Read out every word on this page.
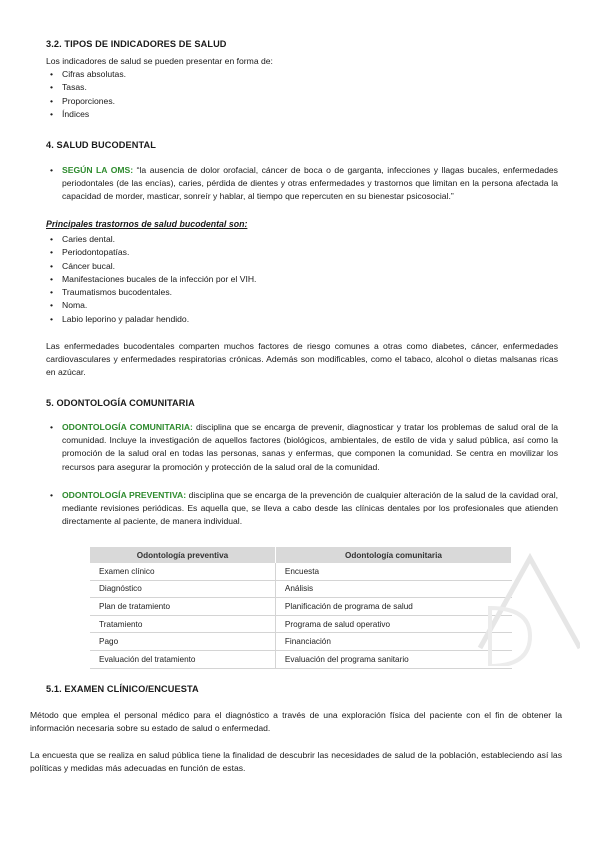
3.2. TIPOS DE INDICADORES DE SALUD
Los indicadores de salud se pueden presentar en forma de:
• Cifras absolutas.
• Tasas.
• Proporciones.
• Índices
4. SALUD BUCODENTAL
• SEGÚN LA OMS: “la ausencia de dolor orofacial, cáncer de boca o de garganta, infecciones y llagas bucales, enfermedades periodontales (de las encías), caries, pérdida de dientes y otras enfermedades y trastornos que limitan en la persona afectada la capacidad de morder, masticar, sonreír y hablar, al tiempo que repercuten en su bienestar psicosocial.”
Principales trastornos de salud bucodental son:
• Caries dental.
• Periodontopatías.
• Cáncer bucal.
• Manifestaciones bucales de la infección por el VIH.
• Traumatismos bucodentales.
• Noma.
• Labio leporino y paladar hendido.
Las enfermedades bucodentales comparten muchos factores de riesgo comunes a otras como diabetes, cáncer, enfermedades cardiovasculares y enfermedades respiratorias crónicas. Además son modificables, como el tabaco, alcohol o dietas malsanas ricas en azúcar.
5. ODONTOLOGÍA COMUNITARIA
• ODONTOLOGÍA COMUNITARIA: disciplina que se encarga de prevenir, diagnosticar y tratar los problemas de salud oral de la comunidad. Incluye la investigación de aquellos factores (biológicos, ambientales, de estilo de vida y salud pública, así como la promoción de la salud oral en todas las personas, sanas y enfermas, que componen la comunidad. Se centra en movilizar los recursos para asegurar la promoción y protección de la salud oral de la comunidad.
• ODONTOLOGÍA PREVENTIVA: disciplina que se encarga de la prevención de cualquier alteración de la salud de la cavidad oral, mediante revisiones periódicas. Es aquella que, se lleva a cabo desde las clínicas dentales por los profesionales que atienden directamente al paciente, de manera individual.
Odontología preventiva	Odontología comunitaria
Examen clínico	Encuesta
Diagnóstico	Análisis
Plan de tratamiento	Planificación de programa de salud
Tratamiento	Programa de salud operativo
Pago	Financiación
Evaluación del tratamiento	Evaluación del programa sanitario
5.1. EXAMEN CLÍNICO/ENCUESTA
Método que emplea el personal médico para el diagnóstico a través de una exploración física del paciente con el fin de obtener la información necesaria sobre su estado de salud o enfermedad.
La encuesta que se realiza en salud pública tiene la finalidad de descubrir las necesidades de salud de la población, estableciendo así las políticas y medidas más adecuadas en función de estas.
